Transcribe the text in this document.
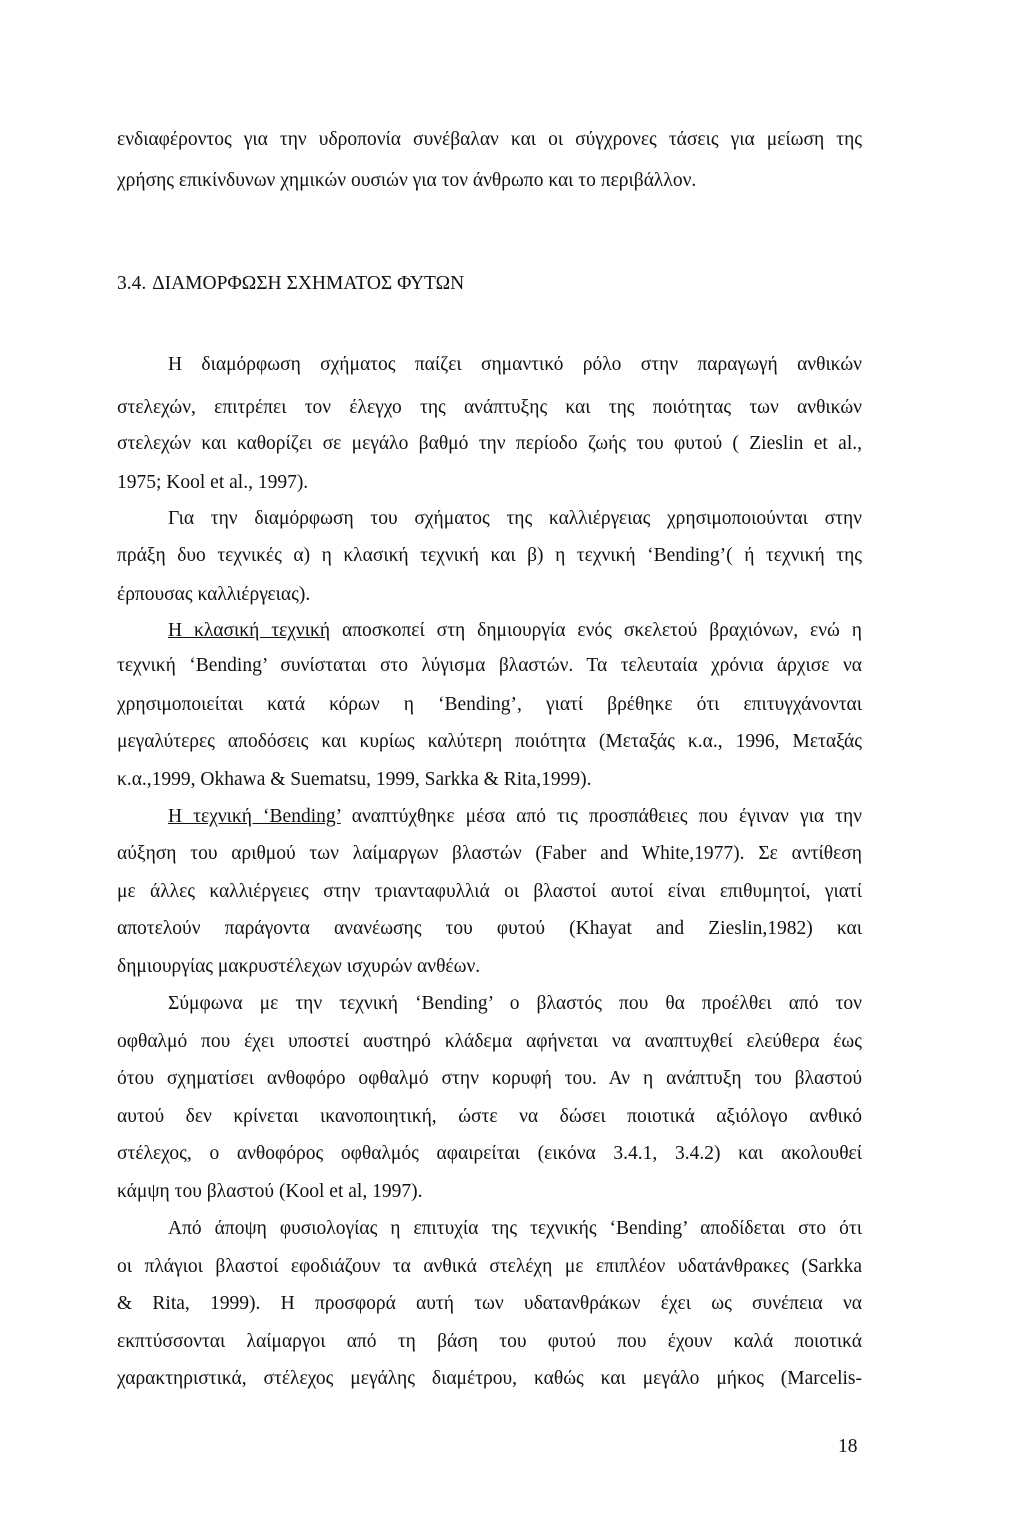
ενδιαφέροντος για την υδροπονία συνέβαλαν και οι σύγχρονες τάσεις για μείωση της
χρήσης επικίνδυνων χημικών ουσιών για τον άνθρωπο και το περιβάλλον.
3.4. ΔΙΑΜΟΡΦΩΣΗ ΣΧΗΜΑΤΟΣ ΦΥΤΩΝ
Η διαμόρφωση σχήματος παίζει σημαντικό ρόλο στην παραγωγή ανθικών
στελεχών, επιτρέπει τον έλεγχο της ανάπτυξης και της ποιότητας των ανθικών
στελεχών και καθορίζει σε μεγάλο βαθμό την περίοδο ζωής του φυτού ( Zieslin et al.,
1975; Kool et al., 1997).
Για την διαμόρφωση του σχήματος της καλλιέργειας χρησιμοποιούνται στην
πράξη δυο τεχνικές α) η κλασική τεχνική και β) η τεχνική ‘Bending’( ή τεχνική της
έρπουσας καλλιέργειας).
Η κλασική τεχνική αποσκοπεί στη δημιουργία ενός σκελετού βραχιόνων, ενώ η
τεχνική ‘Bending’ συνίσταται στο λύγισμα βλαστών. Τα τελευταία χρόνια άρχισε να
χρησιμοποιείται κατά κόρων η ‘Bending’, γιατί βρέθηκε ότι επιτυγχάνονται
μεγαλύτερες αποδόσεις και κυρίως καλύτερη ποιότητα (Μεταξάς κ.α., 1996, Μεταξάς
κ.α.,1999, Okhawa & Suematsu, 1999, Sarkka & Rita,1999).
Η τεχνική ‘Bending’ αναπτύχθηκε μέσα από τις προσπάθειες που έγιναν για την
αύξηση του αριθμού των λαίμαργων βλαστών (Faber and White,1977). Σε αντίθεση
με άλλες καλλιέργειες στην τριανταφυλλιά οι βλαστοί αυτοί είναι επιθυμητοί, γιατί
αποτελούν παράγοντα ανανέωσης του φυτού (Khayat and Zieslin,1982) και
δημιουργίας μακρυστέλεχων ισχυρών ανθέων.
Σύμφωνα με την τεχνική ‘Bending’ ο βλαστός που θα προέλθει από τον
οφθαλμό που έχει υποστεί αυστηρό κλάδεμα αφήνεται να αναπτυχθεί ελεύθερα έως
ότου σχηματίσει ανθοφόρο οφθαλμό στην κορυφή του. Αν η ανάπτυξη του βλαστού
αυτού δεν κρίνεται ικανοποιητική, ώστε να δώσει ποιοτικά αξιόλογο ανθικό
στέλεχος, ο ανθοφόρος οφθαλμός αφαιρείται (εικόνα 3.4.1, 3.4.2) και ακολουθεί
κάμψη του βλαστού (Kool et al, 1997).
Από άποψη φυσιολογίας η επιτυχία της τεχνικής ‘Bending’ αποδίδεται στο ότι
οι πλάγιοι βλαστοί εφοδιάζουν τα ανθικά στελέχη με επιπλέον υδατάνθρακες (Sarkka
& Rita, 1999). Η προσφορά αυτή των υδατανθράκων έχει ως συνέπεια να
εκπτύσσονται λαίμαργοι από τη βάση του φυτού που έχουν καλά ποιοτικά
χαρακτηριστικά, στέλεχος μεγάλης διαμέτρου, καθώς και μεγάλο μήκος (Marcelis-
18
